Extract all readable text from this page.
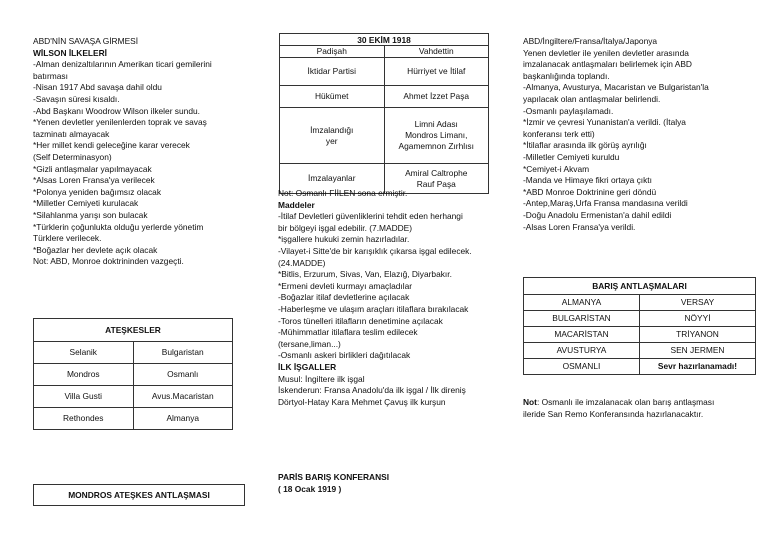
ABD'NİN SAVAŞA GİRMESİ
WİLSON İLKELERİ
-Alman denizaltılarının Amerikan ticari gemilerini
batırması
-Nisan 1917 Abd savaşa dahil oldu
-Savaşın süresi kısaldı.
-Abd Başkanı Woodrow Wilson ilkeler sundu.
*Yenen devletler yenilenlerden toprak ve savaş
tazminatı almayacak
*Her millet kendi geleceğine karar verecek
(Self Determinasyon)
*Gizli antlaşmalar yapılmayacak
*Alsas Loren Fransa'ya verilecek
*Polonya yeniden bağımsız olacak
*Milletler Cemiyeti kurulacak
*Silahlanma yarışı son bulacak
*Türklerin çoğunlukta olduğu yerlerde yönetim
Türklere verilecek.
*Boğazlar her devlete açık olacak
Not: ABD, Monroe doktrininden vazgeçti.
ATEŞKESLER	
Selanik	Bulgaristan
Mondros	Osmanlı
Villa Gusti	Avus.Macaristan
Rethondes	Almanya
MONDROS ATEŞKES ANTLAŞMASI
30 EKİM 1918	
Padişah	Vahdettin
İktidar Partisi	Hürriyet ve İtilaf
Hükümet	Ahmet İzzet Paşa
İmzalandığı
yer	Limni Adası
Mondros Limanı,
Agamemnon Zırhlısı
İmzalayanlar	Amiral Caltrophe
Rauf Paşa
Not: Osmanlı FİİLEN sona ermiştir.
Maddeler
-İtilaf Devletleri güvenliklerini tehdit eden herhangi
bir bölgeyi işgal edebilir. (7.MADDE)
*işgallere hukuki zemin hazırladılar.
-Vilayet-i Sitte'de bir karışıklık çıkarsa işgal edilecek.
(24.MADDE)
*Bitlis, Erzurum, Sivas, Van, Elazığ, Diyarbakır.
*Ermeni devleti kurmayı amaçladılar
-Boğazlar itilaf devletlerine açılacak
-Haberleşme ve ulaşım araçları itilaflara bırakılacak
-Toros tünelleri itilafların denetimine açılacak
-Mühimmatlar itilaflara teslim edilecek
(tersane,liman...)
-Osmanlı askeri birlikleri dağıtılacak
İLK İŞGALLER
Musul: İngiltere ilk işgal
İskenderun: Fransa Anadolu'da ilk işgal / İlk direniş
Dörtyol-Hatay Kara Mehmet Çavuş ilk kurşun
PARİS BARIŞ KONFERANSI
( 18 Ocak 1919 )
ABD/İngiltere/Fransa/İtalya/Japonya
Yenen devletler ile yenilen devletler arasında
imzalanacak antlaşmaları belirlemek için ABD
başkanlığında toplandı.
-Almanya, Avusturya, Macaristan ve Bulgaristan'la
yapılacak olan antlaşmalar belirlendi.
-Osmanlı paylaşılamadı.
*İzmir ve çevresi Yunanistan'a verildi. (İtalya
konferansı terk etti)
*İtilaflar arasında ilk görüş ayrılığı
-Milletler Cemiyeti kuruldu
*Cemiyet-i Akvam
-Manda ve Himaye fikri ortaya çıktı
*ABD Monroe Doktrinine geri döndü
-Antep,Maraş,Urfa Fransa mandasına verildi
-Doğu Anadolu Ermenistan'a dahil edildi
-Alsas Loren Fransa'ya verildi.
BARIŞ ANTLAŞMALARI	
ALMANYA	VERSAY
BULGARİSTAN	NÖYYİ
MACARİSTAN	TRİYANON
AVUSTURYA	SEN JERMEN
OSMANLI	Sevr hazırlanamadı!
Not: Osmanlı ile imzalanacak olan barış antlaşması
ileride San Remo Konferansında hazırlanacaktır.
